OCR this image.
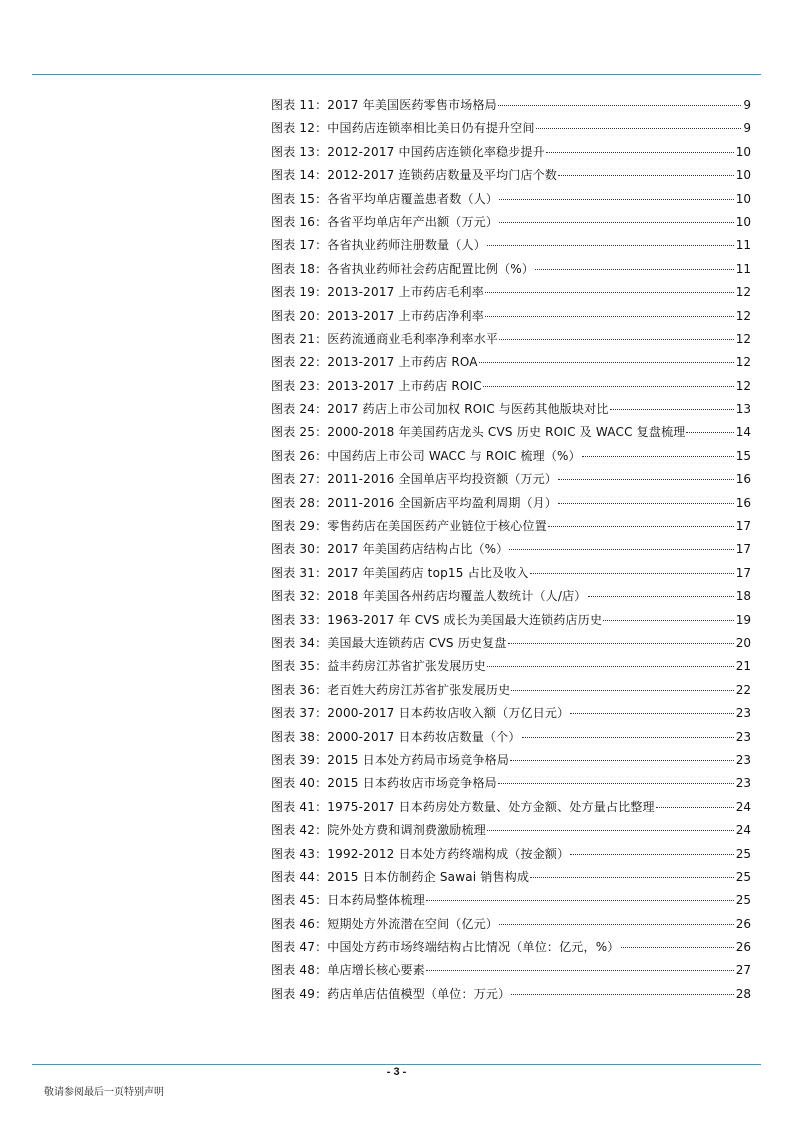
图表 11：2017 年美国医药零售市场格局	9
图表 12：中国药店连锁率相比美日仍有提升空间	9
图表 13：2012-2017 中国药店连锁化率稳步提升	10
图表 14：2012-2017 连锁药店数量及平均门店个数	10
图表 15：各省平均单店覆盖患者数（人）	10
图表 16：各省平均单店年产出额（万元）	10
图表 17：各省执业药师注册数量（人）	11
图表 18：各省执业药师社会药店配置比例（%）	11
图表 19：2013-2017 上市药店毛利率	12
图表 20：2013-2017 上市药店净利率	12
图表 21：医药流通商业毛利率净利率水平	12
图表 22：2013-2017 上市药店 ROA	12
图表 23：2013-2017 上市药店 ROIC	12
图表 24：2017 药店上市公司加权 ROIC 与医药其他版块对比	13
图表 25：2000-2018 年美国药店龙头 CVS 历史 ROIC 及 WACC 复盘梳理	14
图表 26：中国药店上市公司 WACC 与 ROIC 梳理（%）	15
图表 27：2011-2016 全国单店平均投资额（万元）	16
图表 28：2011-2016 全国新店平均盈利周期（月）	16
图表 29：零售药店在美国医药产业链位于核心位置	17
图表 30：2017 年美国药店结构占比（%）	17
图表 31：2017 年美国药店 top15 占比及收入	17
图表 32：2018 年美国各州药店均覆盖人数统计（人/店）	18
图表 33：1963-2017 年 CVS 成长为美国最大连锁药店历史	19
图表 34：美国最大连锁药店 CVS 历史复盘	20
图表 35：益丰药房江苏省扩张发展历史	21
图表 36：老百姓大药房江苏省扩张发展历史	22
图表 37：2000-2017 日本药妆店收入额（万亿日元）	23
图表 38：2000-2017 日本药妆店数量（个）	23
图表 39：2015 日本处方药局市场竞争格局	23
图表 40：2015 日本药妆店市场竞争格局	23
图表 41：1975-2017 日本药房处方数量、处方金额、处方量占比整理	24
图表 42：院外处方费和调剂费激励梳理	24
图表 43：1992-2012 日本处方药终端构成（按金额）	25
图表 44：2015 日本仿制药企 Sawai 销售构成	25
图表 45：日本药局整体梳理	25
图表 46：短期处方外流潜在空间（亿元）	26
图表 47：中国处方药市场终端结构占比情况（单位：亿元，%）	26
图表 48：单店增长核心要素	27
图表 49：药店单店估值模型（单位：万元）	28
- 3 -
敬请参阅最后一页特别声明
